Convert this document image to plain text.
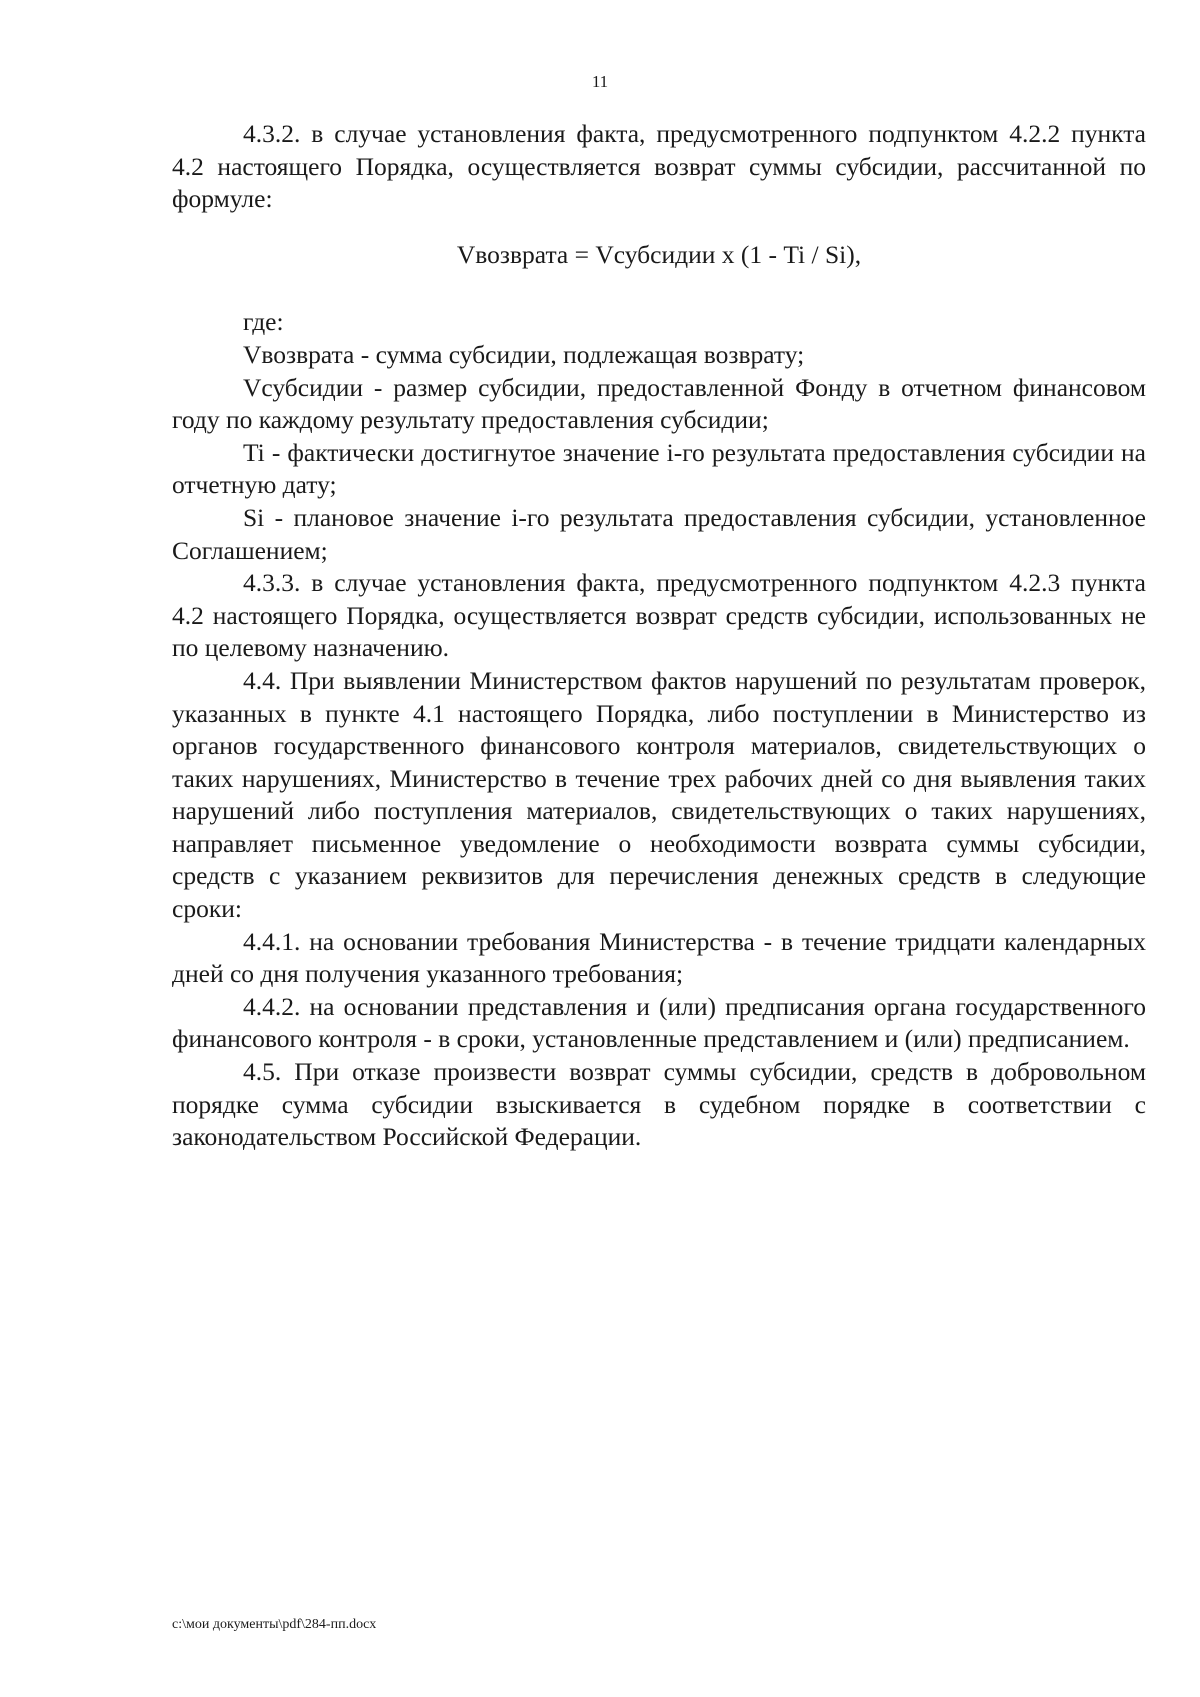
11

4.3.2. в случае установления факта, предусмотренного подпунктом 4.2.2 пункта 4.2 настоящего Порядка, осуществляется возврат суммы субсидии, рассчитанной по формуле:

Vвозврата = Vсубсидии х (1 - Ti / Si),

где:

Vвозврата - сумма субсидии, подлежащая возврату;

Vсубсидии - размер субсидии, предоставленной Фонду в отчетном финансовом году по каждому результату предоставления субсидии;

Ti - фактически достигнутое значение i-го результата предоставления субсидии на отчетную дату;

Si - плановое значение i-го результата предоставления субсидии, установленное Соглашением;

4.3.3. в случае установления факта, предусмотренного подпунктом 4.2.3 пункта 4.2 настоящего Порядка, осуществляется возврат средств субсидии, использованных не по целевому назначению.

4.4. При выявлении Министерством фактов нарушений по результатам проверок, указанных в пункте 4.1 настоящего Порядка, либо поступлении в Министерство из органов государственного финансового контроля материалов, свидетельствующих о таких нарушениях, Министерство в течение трех рабочих дней со дня выявления таких нарушений либо поступления материалов, свидетельствующих о таких нарушениях, направляет письменное уведомление о необходимости возврата суммы субсидии, средств с указанием реквизитов для перечисления денежных средств в следующие сроки:

4.4.1. на основании требования Министерства - в течение тридцати календарных дней со дня получения указанного требования;

4.4.2. на основании представления и (или) предписания органа государственного финансового контроля - в сроки, установленные представлением и (или) предписанием.

4.5. При отказе произвести возврат суммы субсидии, средств в добровольном порядке сумма субсидии взыскивается в судебном порядке в соответствии с законодательством Российской Федерации.

c:\мои документы\pdf\284-пп.docx
